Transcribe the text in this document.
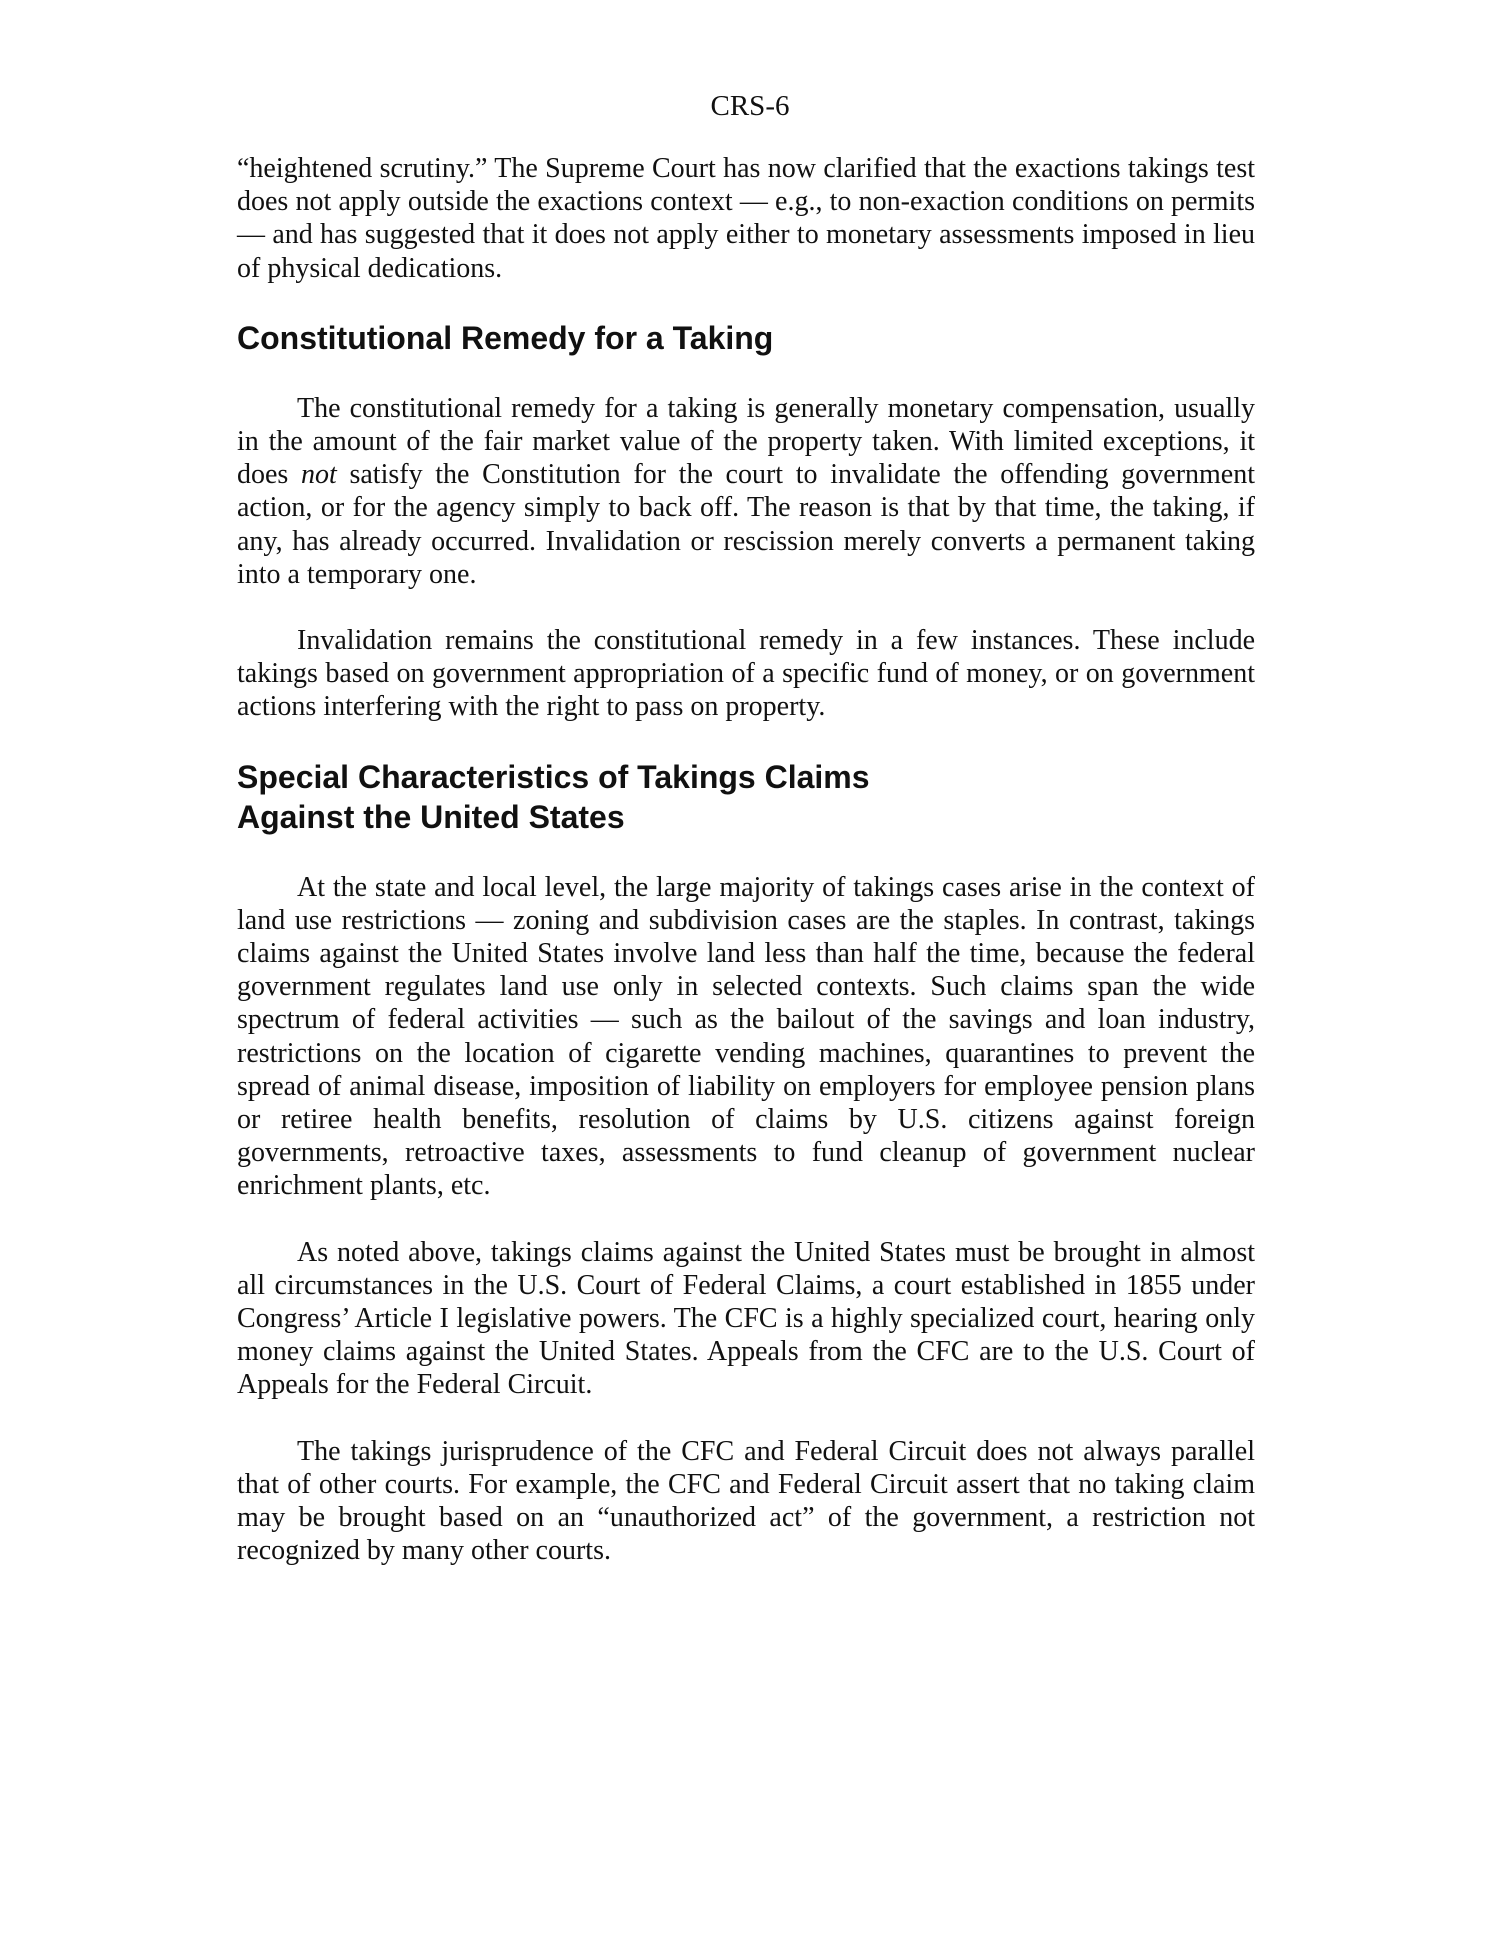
CRS-6

“heightened scrutiny.” The Supreme Court has now clarified that the exactions takings test does not apply outside the exactions context — e.g., to non-exaction conditions on permits — and has suggested that it does not apply either to monetary assessments imposed in lieu of physical dedications.

Constitutional Remedy for a Taking

The constitutional remedy for a taking is generally monetary compensation, usually in the amount of the fair market value of the property taken. With limited exceptions, it does not satisfy the Constitution for the court to invalidate the offending government action, or for the agency simply to back off. The reason is that by that time, the taking, if any, has already occurred. Invalidation or rescission merely converts a permanent taking into a temporary one.

Invalidation remains the constitutional remedy in a few instances. These include takings based on government appropriation of a specific fund of money, or on government actions interfering with the right to pass on property.

Special Characteristics of Takings Claims
Against the United States

At the state and local level, the large majority of takings cases arise in the context of land use restrictions — zoning and subdivision cases are the staples. In contrast, takings claims against the United States involve land less than half the time, because the federal government regulates land use only in selected contexts. Such claims span the wide spectrum of federal activities — such as the bailout of the savings and loan industry, restrictions on the location of cigarette vending machines, quarantines to prevent the spread of animal disease, imposition of liability on employers for employee pension plans or retiree health benefits, resolution of claims by U.S. citizens against foreign governments, retroactive taxes, assessments to fund cleanup of government nuclear enrichment plants, etc.

As noted above, takings claims against the United States must be brought in almost all circumstances in the U.S. Court of Federal Claims, a court established in 1855 under Congress’ Article I legislative powers. The CFC is a highly specialized court, hearing only money claims against the United States. Appeals from the CFC are to the U.S. Court of Appeals for the Federal Circuit.

The takings jurisprudence of the CFC and Federal Circuit does not always parallel that of other courts. For example, the CFC and Federal Circuit assert that no taking claim may be brought based on an “unauthorized act” of the government, a restriction not recognized by many other courts.
